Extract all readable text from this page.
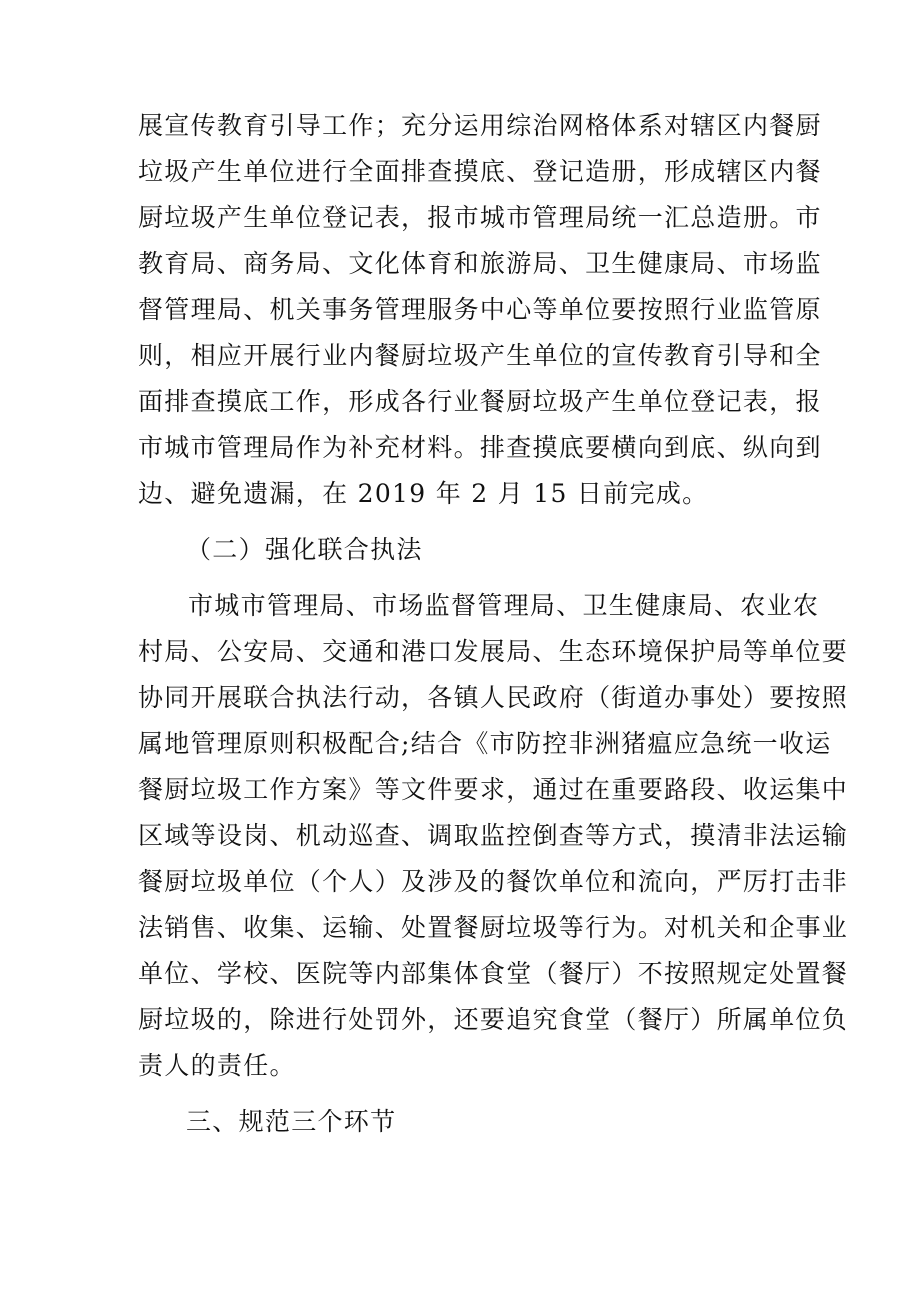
展宣传教育引导工作；充分运用综治网格体系对辖区内餐厨
垃圾产生单位进行全面排查摸底、登记造册，形成辖区内餐
厨垃圾产生单位登记表，报市城市管理局统一汇总造册。市
教育局、商务局、文化体育和旅游局、卫生健康局、市场监
督管理局、机关事务管理服务中心等单位要按照行业监管原
则，相应开展行业内餐厨垃圾产生单位的宣传教育引导和全
面排查摸底工作，形成各行业餐厨垃圾产生单位登记表，报
市城市管理局作为补充材料。排查摸底要横向到底、纵向到
边、避免遗漏，在 2019 年 2 月 15 日前完成。
（二）强化联合执法
市城市管理局、市场监督管理局、卫生健康局、农业农
村局、公安局、交通和港口发展局、生态环境保护局等单位要
协同开展联合执法行动，各镇人民政府（街道办事处）要按照
属地管理原则积极配合;结合《市防控非洲猪瘟应急统一收运
餐厨垃圾工作方案》等文件要求，通过在重要路段、收运集中
区域等设岗、机动巡查、调取监控倒查等方式，摸清非法运输
餐厨垃圾单位（个人）及涉及的餐饮单位和流向，严厉打击非
法销售、收集、运输、处置餐厨垃圾等行为。对机关和企事业
单位、学校、医院等内部集体食堂（餐厅）不按照规定处置餐
厨垃圾的，除进行处罚外，还要追究食堂（餐厅）所属单位负
责人的责任。
三、规范三个环节
